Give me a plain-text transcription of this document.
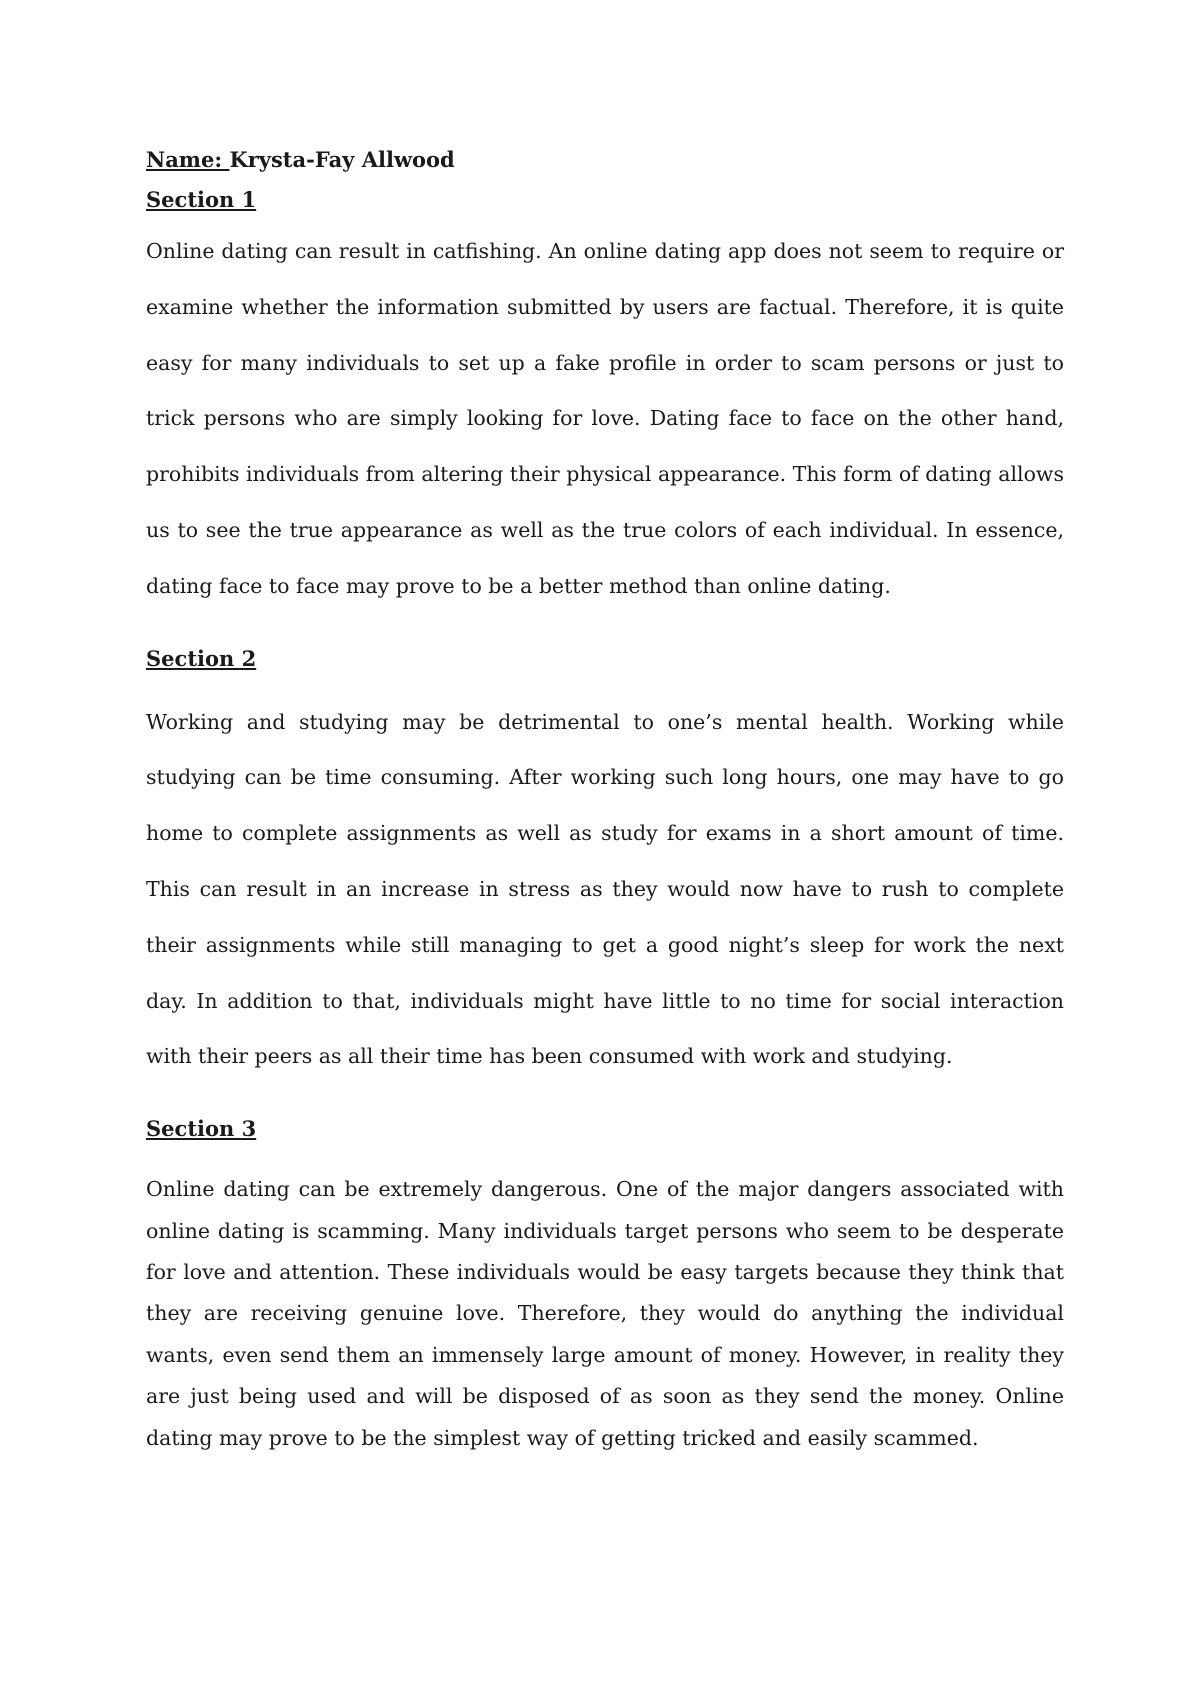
Name: Krysta-Fay Allwood

Section 1

Online dating can result in catfishing. An online dating app does not seem to require or examine whether the information submitted by users are factual. Therefore, it is quite easy for many individuals to set up a fake profile in order to scam persons or just to trick persons who are simply looking for love. Dating face to face on the other hand, prohibits individuals from altering their physical appearance. This form of dating allows us to see the true appearance as well as the true colors of each individual. In essence, dating face to face may prove to be a better method than online dating.

Section 2

Working and studying may be detrimental to one’s mental health. Working while studying can be time consuming. After working such long hours, one may have to go home to complete assignments as well as study for exams in a short amount of time. This can result in an increase in stress as they would now have to rush to complete their assignments while still managing to get a good night’s sleep for work the next day. In addition to that, individuals might have little to no time for social interaction with their peers as all their time has been consumed with work and studying.

Section 3

Online dating can be extremely dangerous. One of the major dangers associated with online dating is scamming. Many individuals target persons who seem to be desperate for love and attention. These individuals would be easy targets because they think that they are receiving genuine love. Therefore, they would do anything the individual wants, even send them an immensely large amount of money. However, in reality they are just being used and will be disposed of as soon as they send the money. Online dating may prove to be the simplest way of getting tricked and easily scammed.
